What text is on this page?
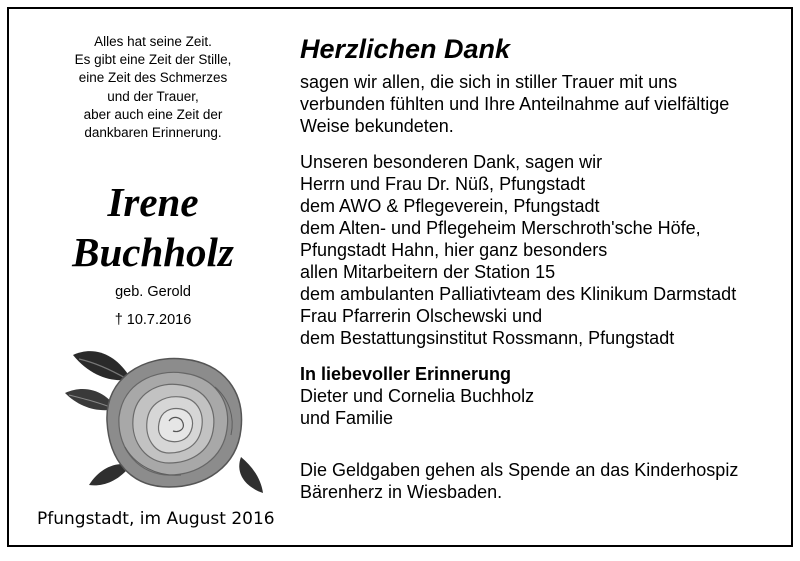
Alles hat seine Zeit.
Es gibt eine Zeit der Stille,
eine Zeit des Schmerzes
und der Trauer,
aber auch eine Zeit der
dankbaren Erinnerung.
Irene
Buchholz
geb. Gerold
† 10.7.2016
Pfungstadt, im August 2016
Herzlichen Dank
sagen wir allen, die sich in stiller Trauer mit uns
verbunden fühlten und Ihre Anteilnahme auf vielfältige
Weise bekundeten.
Unseren besonderen Dank, sagen wir
Herrn und Frau Dr. Nüß, Pfungstadt
dem AWO & Pflegeverein, Pfungstadt
dem Alten- und Pflegeheim Merschroth'sche Höfe,
Pfungstadt Hahn, hier ganz besonders
allen Mitarbeitern der Station 15
dem ambulanten Palliativteam des Klinikum Darmstadt
Frau Pfarrerin Olschewski und
dem Bestattungsinstitut Rossmann, Pfungstadt
In liebevoller Erinnerung
Dieter und Cornelia Buchholz
und Familie
Die Geldgaben gehen als Spende an das Kinderhospiz
Bärenherz in Wiesbaden.
